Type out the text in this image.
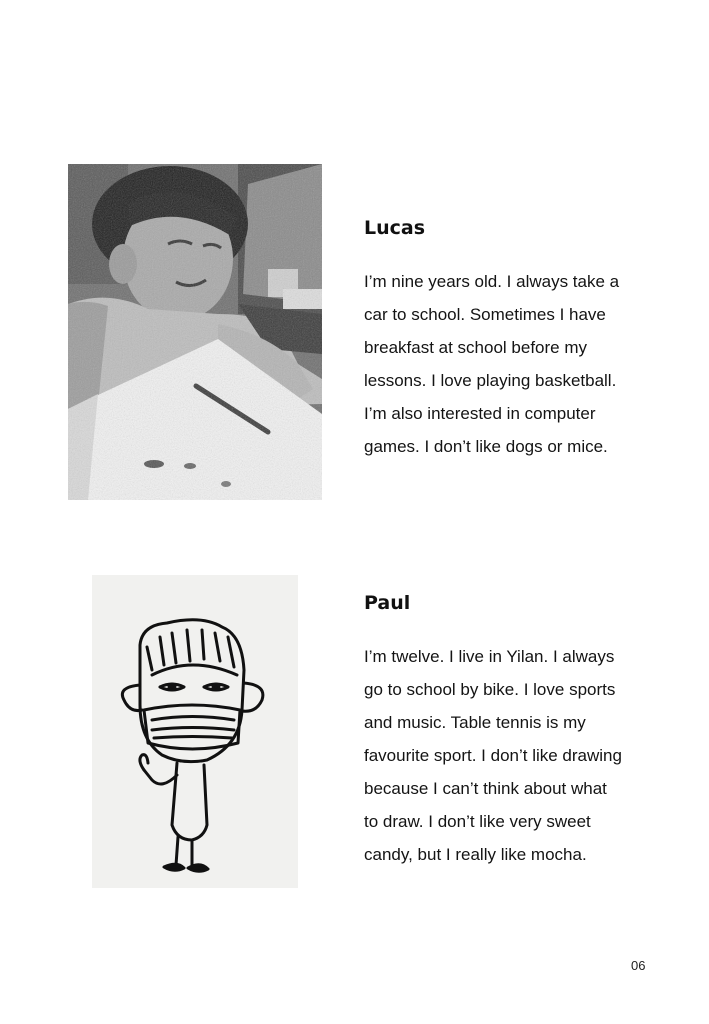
Lucas
I’m nine years old. I always take a
car to school. Sometimes I have
breakfast at school before my
lessons. I love playing basketball.
I’m also interested in computer
games. I don’t like dogs or mice.
Paul
I’m twelve. I live in Yilan. I always
go to school by bike. I love sports
and music. Table tennis is my
favourite sport. I don’t like drawing
because I can’t think about what
to draw. I don’t like very sweet
candy, but I really like mocha.
06
